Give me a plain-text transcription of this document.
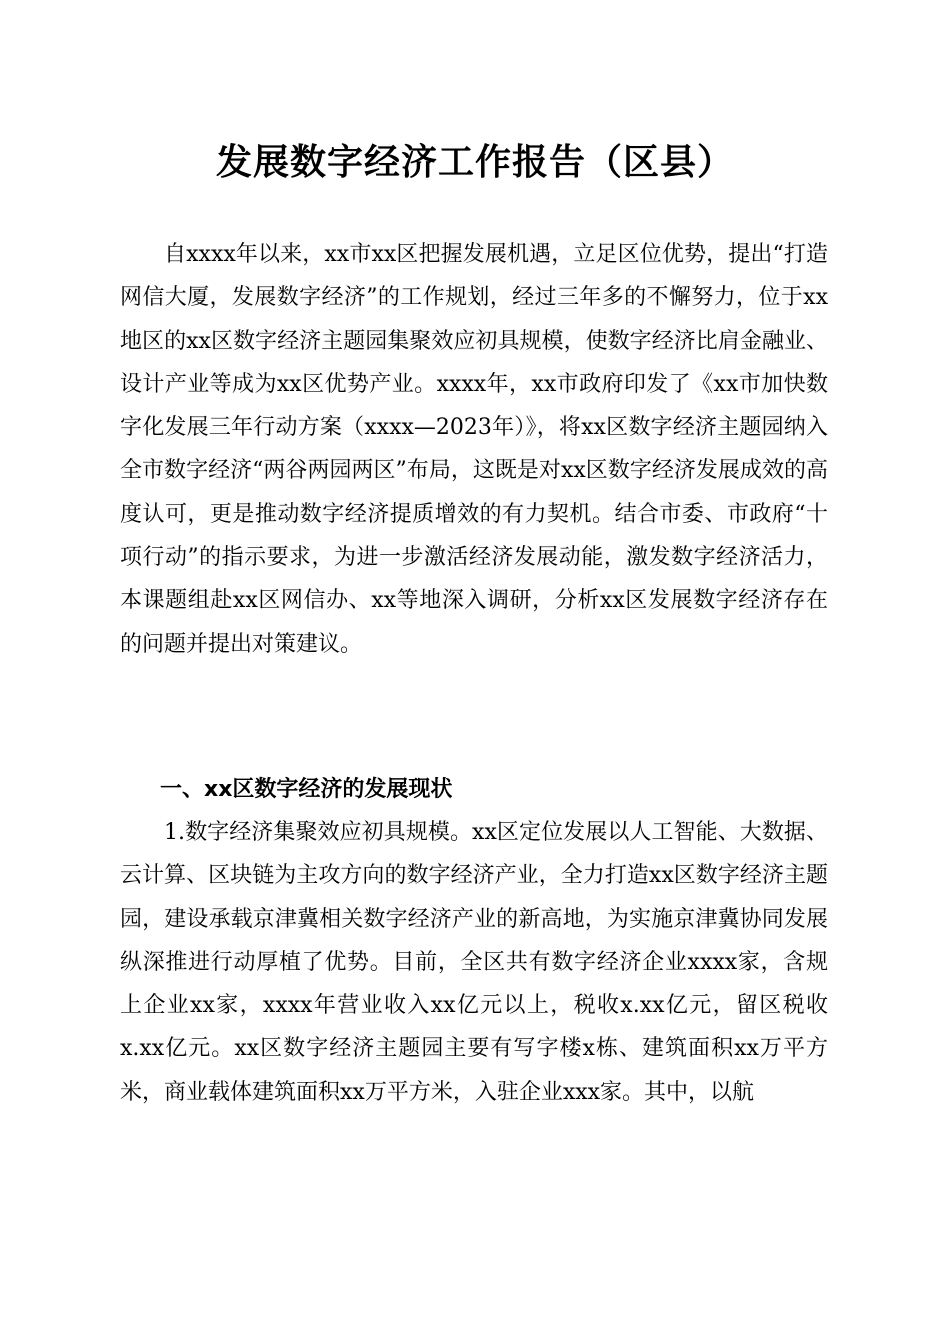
发展数字经济工作报告（区县）

自xxxx年以来，xx市xx区把握发展机遇，立足区位优势，提出“打造网信大厦，发展数字经济”的工作规划，经过三年多的不懈努力，位于xx地区的xx区数字经济主题园集聚效应初具规模，使数字经济比肩金融业、设计产业等成为xx区优势产业。xxxx年，xx市政府印发了《xx市加快数字化发展三年行动方案（xxxx—2023年）》，将xx区数字经济主题园纳入全市数字经济“两谷两园两区”布局，这既是对xx区数字经济发展成效的高度认可，更是推动数字经济提质增效的有力契机。结合市委、市政府“十项行动”的指示要求，为进一步激活经济发展动能，激发数字经济活力，本课题组赴xx区网信办、xx等地深入调研，分析xx区发展数字经济存在的问题并提出对策建议。

一、xx区数字经济的发展现状

1.数字经济集聚效应初具规模。xx区定位发展以人工智能、大数据、云计算、区块链为主攻方向的数字经济产业，全力打造xx区数字经济主题园，建设承载京津冀相关数字经济产业的新高地，为实施京津冀协同发展纵深推进行动厚植了优势。目前，全区共有数字经济企业xxxx家，含规上企业xx家，xxxx年营业收入xx亿元以上，税收x.xx亿元，留区税收x.xx亿元。xx区数字经济主题园主要有写字楼x栋、建筑面积xx万平方米，商业载体建筑面积xx万平方米，入驻企业xxx家。其中，以航
